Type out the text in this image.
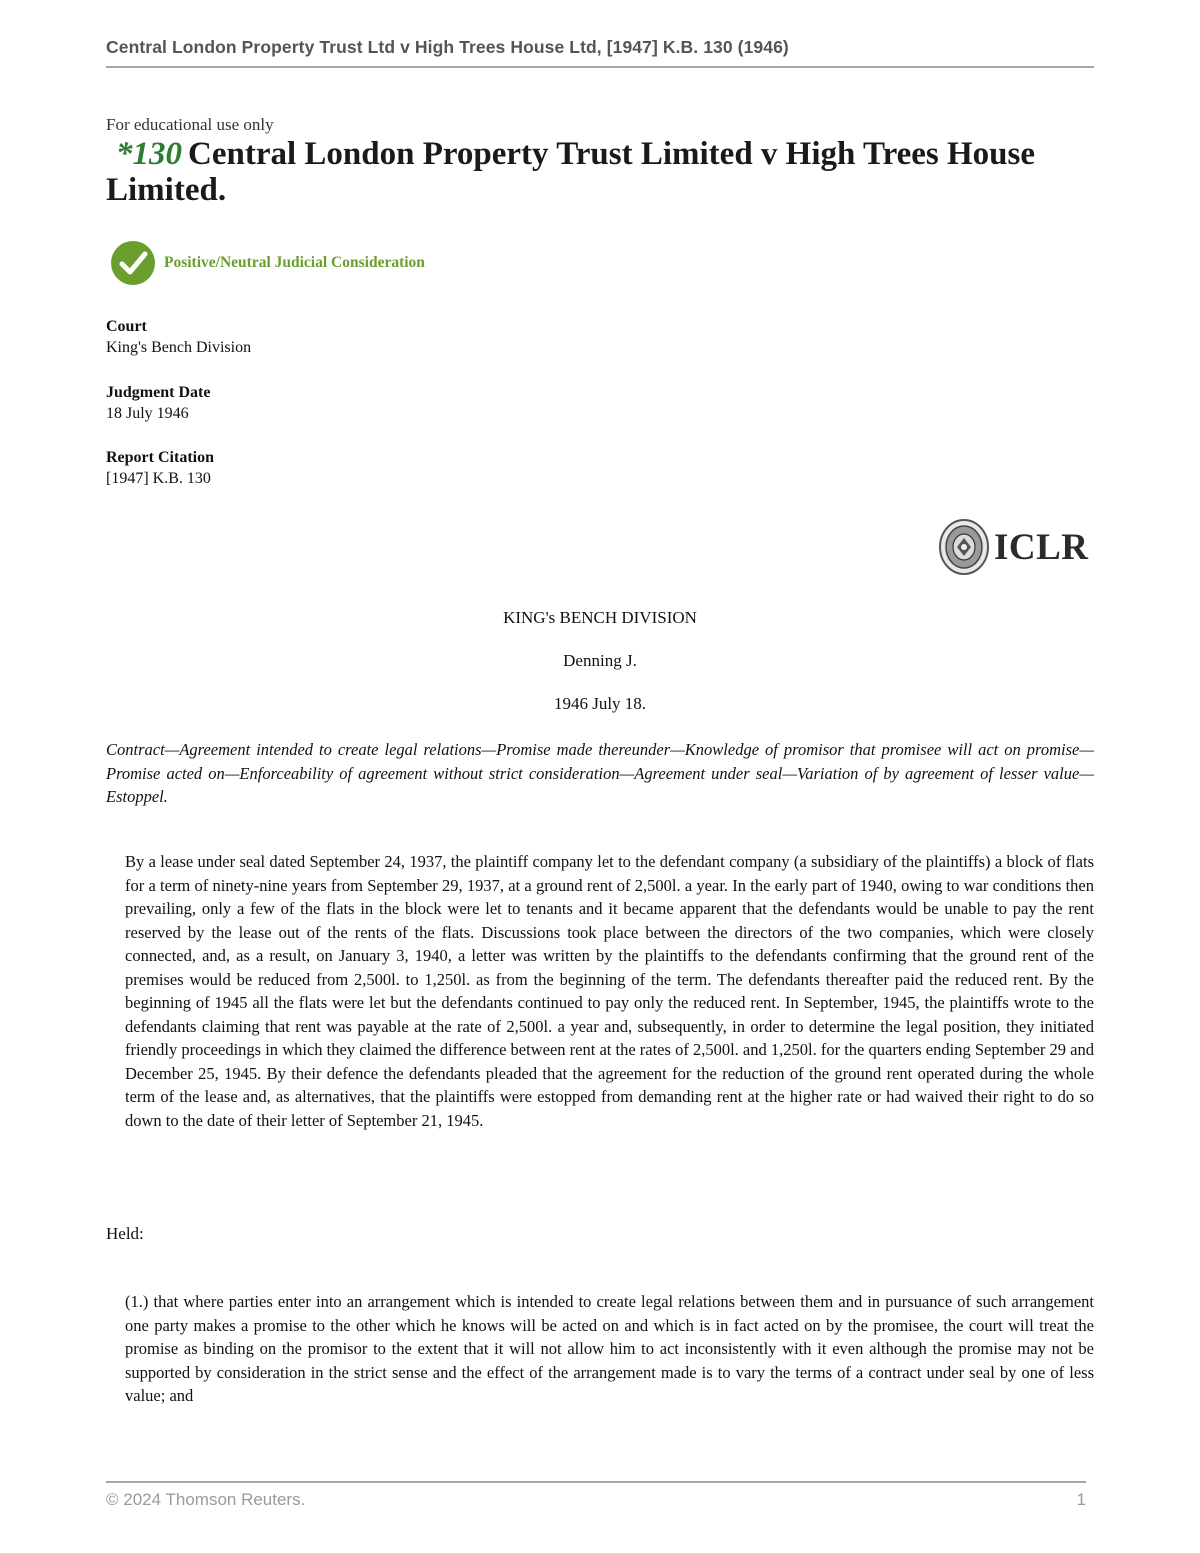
Central London Property Trust Ltd v High Trees House Ltd, [1947] K.B. 130 (1946)
For educational use only
*130 Central London Property Trust Limited v High Trees House Limited.
Positive/Neutral Judicial Consideration
Court
King's Bench Division
Judgment Date
18 July 1946
Report Citation
[1947] K.B. 130
ICLR
KING's BENCH DIVISION
Denning J.
1946 July 18.
Contract—Agreement intended to create legal relations—Promise made thereunder—Knowledge of promisor that promisee will act on promise—Promise acted on—Enforceability of agreement without strict consideration—Agreement under seal—Variation of by agreement of lesser value—Estoppel.
By a lease under seal dated September 24, 1937, the plaintiff company let to the defendant company (a subsidiary of the plaintiffs) a block of flats for a term of ninety-nine years from September 29, 1937, at a ground rent of 2,500l. a year. In the early part of 1940, owing to war conditions then prevailing, only a few of the flats in the block were let to tenants and it became apparent that the defendants would be unable to pay the rent reserved by the lease out of the rents of the flats. Discussions took place between the directors of the two companies, which were closely connected, and, as a result, on January 3, 1940, a letter was written by the plaintiffs to the defendants confirming that the ground rent of the premises would be reduced from 2,500l. to 1,250l. as from the beginning of the term. The defendants thereafter paid the reduced rent. By the beginning of 1945 all the flats were let but the defendants continued to pay only the reduced rent. In September, 1945, the plaintiffs wrote to the defendants claiming that rent was payable at the rate of 2,500l. a year and, subsequently, in order to determine the legal position, they initiated friendly proceedings in which they claimed the difference between rent at the rates of 2,500l. and 1,250l. for the quarters ending September 29 and December 25, 1945. By their defence the defendants pleaded that the agreement for the reduction of the ground rent operated during the whole term of the lease and, as alternatives, that the plaintiffs were estopped from demanding rent at the higher rate or had waived their right to do so down to the date of their letter of September 21, 1945.
Held:
(1.) that where parties enter into an arrangement which is intended to create legal relations between them and in pursuance of such arrangement one party makes a promise to the other which he knows will be acted on and which is in fact acted on by the promisee, the court will treat the promise as binding on the promisor to the extent that it will not allow him to act inconsistently with it even although the promise may not be supported by consideration in the strict sense and the effect of the arrangement made is to vary the terms of a contract under seal by one of less value; and
© 2024 Thomson Reuters.	1
